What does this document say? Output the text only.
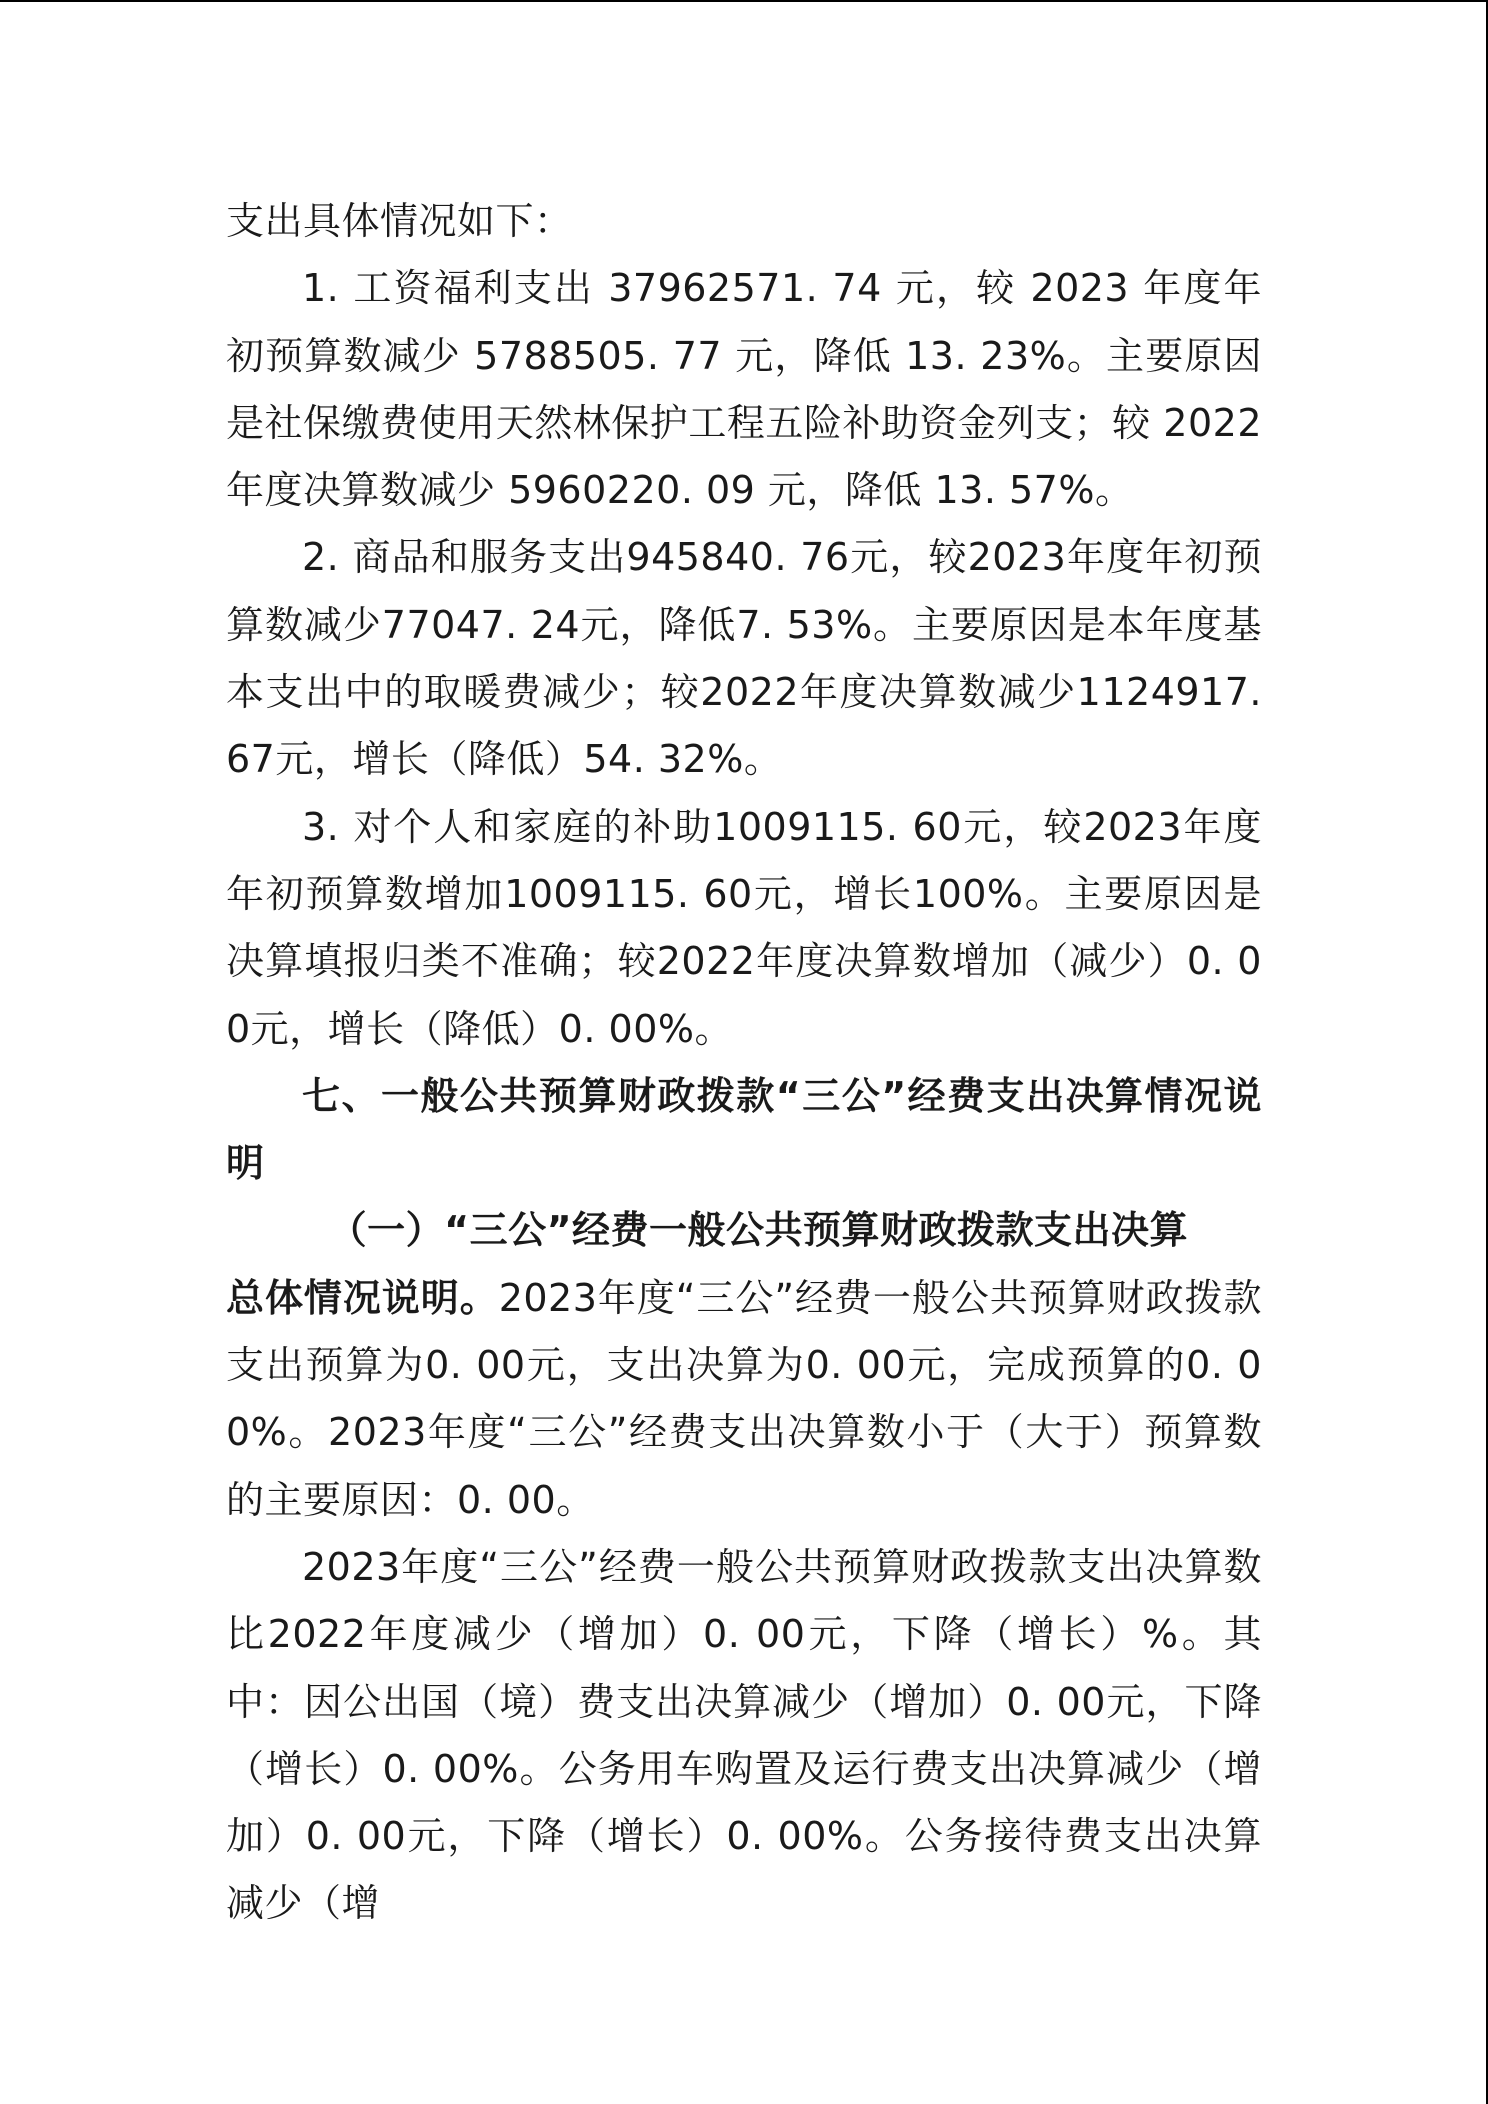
支出具体情况如下：

1. 工资福利支出 37962571. 74 元，较 2023 年度年初预算数减少 5788505. 77 元，降低 13. 23%。主要原因是社保缴费使用天然林保护工程五险补助资金列支；较 2022 年度决算数减少 5960220. 09 元，降低 13. 57%。

2. 商品和服务支出945840. 76元，较2023年度年初预算数减少77047. 24元，降低7. 53%。主要原因是本年度基本支出中的取暖费减少；较2022年度决算数减少1124917. 67元，增长（降低）54. 32%。

3. 对个人和家庭的补助1009115. 60元，较2023年度年初预算数增加1009115. 60元，增长100%。主要原因是决算填报归类不准确；较2022年度决算数增加（减少）0. 00元，增长（降低）0. 00%。

七、一般公共预算财政拨款“三公”经费支出决算情况说明

（一）“三公”经费一般公共预算财政拨款支出决算

总体情况说明。2023年度“三公”经费一般公共预算财政拨款支出预算为0. 00元，支出决算为0. 00元，完成预算的0. 00%。2023年度“三公”经费支出决算数小于（大于）预算数的主要原因：0. 00。

2023年度“三公”经费一般公共预算财政拨款支出决算数比2022年度减少（增加）0. 00元，下降（增长）%。其中：因公出国（境）费支出决算减少（增加）0. 00元，下降（增长）0. 00%。公务用车购置及运行费支出决算减少（增加）0. 00元，下降（增长）0. 00%。公务接待费支出决算减少（增
